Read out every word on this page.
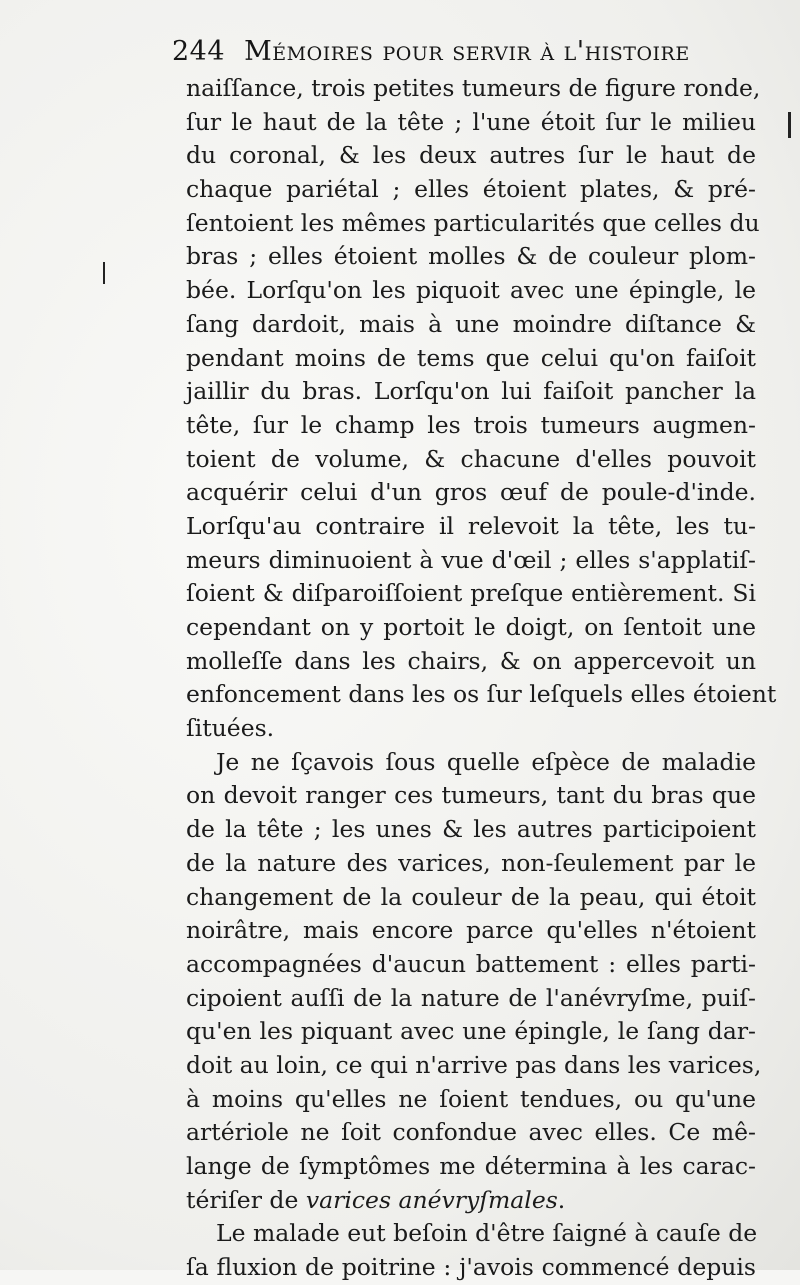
244 Mémoires pour servir à l'histoire
naiſſance, trois petites tumeurs de figure ronde,
ſur le haut de la tête ; l'une étoit ſur le milieu
du coronal, & les deux autres ſur le haut de
chaque pariétal ; elles étoient plates, & pré-
ſentoient les mêmes particularités que celles du
bras ; elles étoient molles & de couleur plom-
bée. Lorſqu'on les piquoit avec une épingle, le
ſang dardoit, mais à une moindre diſtance &
pendant moins de tems que celui qu'on faiſoit
jaillir du bras. Lorſqu'on lui faiſoit pancher la
tête, ſur le champ les trois tumeurs augmen-
toient de volume, & chacune d'elles pouvoit
acquérir celui d'un gros œuf de poule-d'inde.
Lorſqu'au contraire il relevoit la tête, les tu-
meurs diminuoient à vue d'œil ; elles s'applatiſ-
ſoient & diſparoiſſoient preſque entièrement. Si
cependant on y portoit le doigt, on ſentoit une
molleſſe dans les chairs, & on appercevoit un
enfoncement dans les os ſur leſquels elles étoient
ſituées.
Je ne ſçavois ſous quelle eſpèce de maladie
on devoit ranger ces tumeurs, tant du bras que
de la tête ; les unes & les autres participoient
de la nature des varices, non-ſeulement par le
changement de la couleur de la peau, qui étoit
noirâtre, mais encore parce qu'elles n'étoient
accompagnées d'aucun battement : elles parti-
cipoient auſſi de la nature de l'anévryſme, puiſ-
qu'en les piquant avec une épingle, le ſang dar-
doit au loin, ce qui n'arrive pas dans les varices,
à moins qu'elles ne ſoient tendues, ou qu'une
artériole ne ſoit confondue avec elles. Ce mê-
lange de ſymptômes me détermina à les carac-
tériſer de varices anévryſmales.
Le malade eut beſoin d'être ſaigné à cauſe de
ſa fluxion de poitrine : j'avois commencé depuis
